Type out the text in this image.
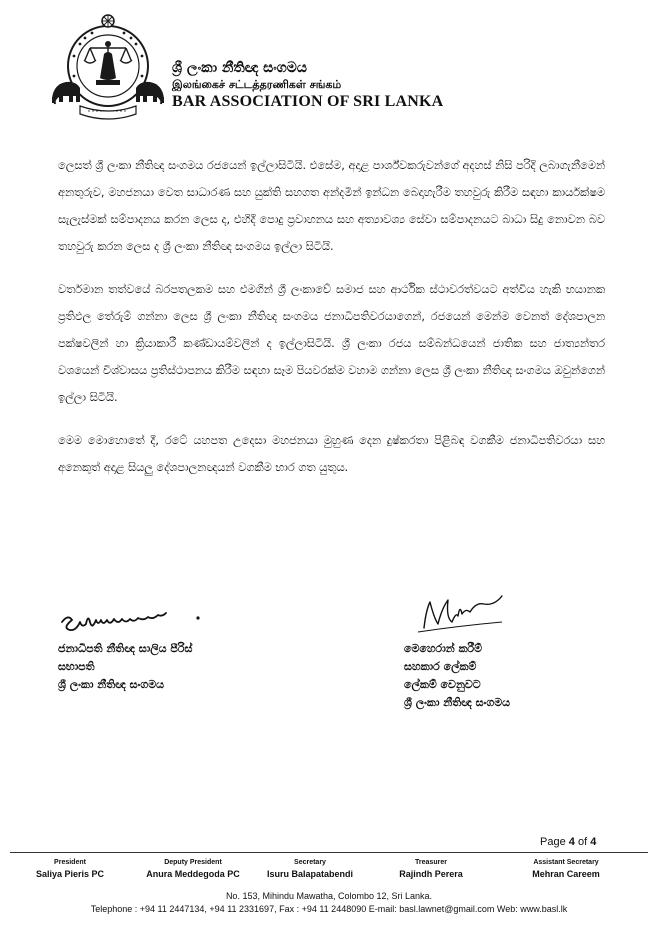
ශ්‍රී ලංකා නීතිඥ සංගමය
இலங்கைச் சட்டத்தரணிகள் சங்கம்
BAR ASSOCIATION OF SRI LANKA

ලෙසත් ශ්‍රී ලංකා නීතිඥ සංගමය රජයෙන් ඉල්ලාසිටියි. එසේම, අදාළ පාර්ශ්වකරුවන්ගේ අදහස් නිසි පරිදි ලබාගැනීමෙන් අනතුරුව, මහජනයා වෙත සාධාරණ සහ යුක්ති සහගත අන්දමින් ඉන්ධන බෙදාහැරීම තහවුරු කිරීම සඳහා කාර්යක්ෂම සැලැස්මක් සම්පාදනය කරන ලෙස ද, එහිදී පොදු ප්‍රවාහනය සහ අත්‍යාවශ්‍ය සේවා සම්පාදනයට බාධා සිදු නොවන බව තහවුරු කරන ලෙස ද ශ්‍රී ලංකා නීතිඥ සංගමය ඉල්ලා සිටියි.

වර්තමාන තත්වයේ බරපතලකම සහ එමගින් ශ්‍රී ලංකාවේ සමාජ සහ ආර්ථික ස්ථාවරත්වයට අත්විය හැකි භයානක ප්‍රතිඵල තේරුම් ගන්නා ලෙස ශ්‍රී ලංකා නීතිඥ සංගමය ජනාධිපතිවරයාගෙන්, රජයෙන් මෙන්ම වෙනත් දේශපාලන පක්ෂවලින් හා ක්‍රියාකාරී කණ්ඩායම්වලින් ද ඉල්ලාසිටියි. ශ්‍රී ලංකා රජය සම්බන්ධයෙන් ජාතික සහ ජාත්‍යන්තර වශයෙන් විශ්වාසය ප්‍රතිස්ථාපනය කිරීම සඳහා සෑම පියවරක්ම වහාම ගන්නා ලෙස ශ්‍රී ලංකා නීතිඥ සංගමය ඔවුන්ගෙන් ඉල්ලා සිටියි.

මෙම මොහොතේ දී, රටේ යහපත උදෙසා මහජනයා මුහුණ දෙන දුෂ්කරතා පිළිබඳ වගකීම ජනාධිපතිවරයා සහ අනෙකුත් අදාළ සියලු දේශපාලනඥයන් වගකීම භාර ගත යුතුය.

ජනාධිපති නීතිඥ සාලිය පීරිස්
සභාපති
ශ්‍රී ලංකා නීතිඥ සංගමය
මෙහෙරාන් කරීම්
සහකාර ලේකම්
ලේකම් වෙනුවට
ශ්‍රී ලංකා නීතිඥ සංගමය
Page 4 of 4
President
Saliya Pieris PC
Deputy President
Anura Meddegoda PC
Secretary
Isuru Balapatabendi
Treasurer
Rajindh Perera
Assistant Secretary
Mehran Careem
No. 153, Mihindu Mawatha, Colombo 12, Sri Lanka.
Telephone : +94 11 2447134, +94 11 2331697, Fax : +94 11 2448090 E-mail: basl.lawnet@gmail.com Web: www.basl.lk
